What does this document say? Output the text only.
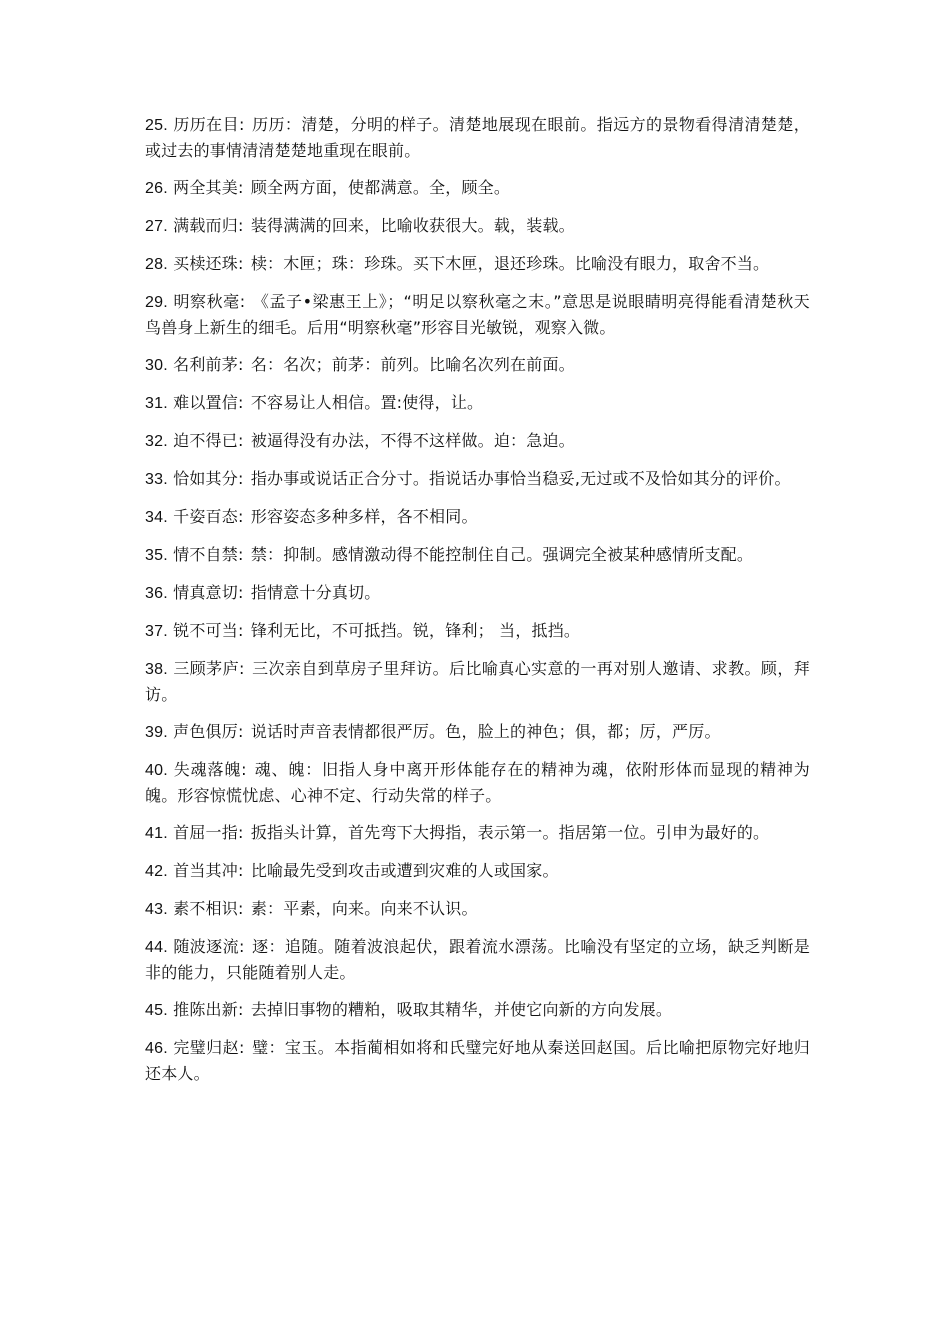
25. 历历在目: 历历：清楚，分明的样子。清楚地展现在眼前。指远方的景物看得清清楚楚，或过去的事情清清楚楚地重现在眼前。

26. 两全其美: 顾全两方面，使都满意。全，顾全。

27. 满载而归: 装得满满的回来，比喻收获很大。载，装载。

28. 买椟还珠: 椟：木匣；珠：珍珠。买下木匣，退还珍珠。比喻没有眼力，取舍不当。

29. 明察秋毫: 《孟子•梁惠王上》；“明足以察秋毫之末。”意思是说眼睛明亮得能看清楚秋天鸟兽身上新生的细毛。后用“明察秋毫”形容目光敏锐，观察入微。

30. 名利前茅: 名：名次；前茅：前列。比喻名次列在前面。

31. 难以置信: 不容易让人相信。置:使得，让。

32. 迫不得已: 被逼得没有办法，不得不这样做。迫：急迫。

33. 恰如其分: 指办事或说话正合分寸。指说话办事恰当稳妥,无过或不及恰如其分的评价。

34. 千姿百态: 形容姿态多种多样，各不相同。

35. 情不自禁: 禁：抑制。感情激动得不能控制住自己。强调完全被某种感情所支配。

36. 情真意切: 指情意十分真切。

37. 锐不可当: 锋利无比，不可抵挡。锐，锋利； 当，抵挡。

38. 三顾茅庐: 三次亲自到草房子里拜访。后比喻真心实意的一再对别人邀请、求教。顾，拜访。

39. 声色俱厉: 说话时声音表情都很严厉。色，脸上的神色；俱，都；厉，严厉。

40. 失魂落魄: 魂、魄：旧指人身中离开形体能存在的精神为魂，依附形体而显现的精神为魄。形容惊慌忧虑、心神不定、行动失常的样子。

41. 首屈一指: 扳指头计算，首先弯下大拇指，表示第一。指居第一位。引申为最好的。

42. 首当其冲: 比喻最先受到攻击或遭到灾难的人或国家。

43. 素不相识: 素：平素，向来。向来不认识。

44. 随波逐流: 逐：追随。随着波浪起伏，跟着流水漂荡。比喻没有坚定的立场，缺乏判断是非的能力，只能随着别人走。

45. 推陈出新: 去掉旧事物的糟粕，吸取其精华，并使它向新的方向发展。

46. 完璧归赵: 璧：宝玉。本指蔺相如将和氏璧完好地从秦送回赵国。后比喻把原物完好地归还本人。
